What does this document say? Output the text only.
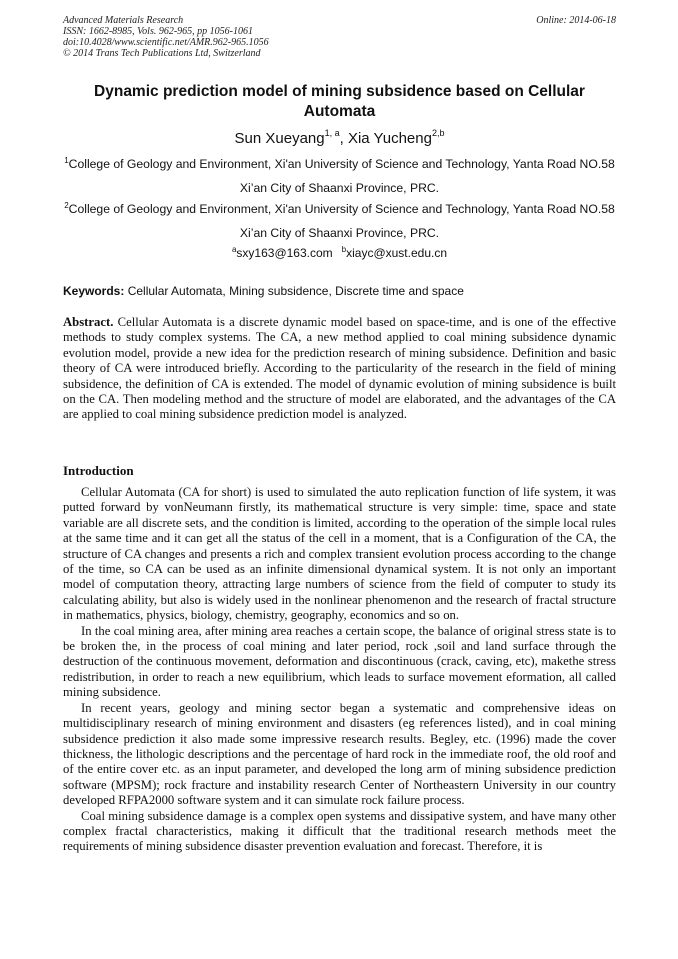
Advanced Materials Research
ISSN: 1662-8985, Vols. 962-965, pp 1056-1061
doi:10.4028/www.scientific.net/AMR.962-965.1056
© 2014 Trans Tech Publications Ltd, Switzerland
Online: 2014-06-18
Dynamic prediction model of mining subsidence based on Cellular Automata
Sun Xueyang$^{1, a}$, Xia Yucheng$^{2,b}$
$^1$College of Geology and Environment, Xi'an University of Science and Technology, Yanta Road NO.58 Xi’an City of Shaanxi Province, PRC.
$^2$College of Geology and Environment, Xi'an University of Science and Technology, Yanta Road NO.58 Xi’an City of Shaanxi Province, PRC.
$^a$sxy163@163.com $^b$xiayc@xust.edu.cn
Keywords: Cellular Automata, Mining subsidence, Discrete time and space
Abstract. Cellular Automata is a discrete dynamic model based on space-time, and is one of the effective methods to study complex systems. The CA, a new method applied to coal mining subsidence dynamic evolution model, provide a new idea for the prediction research of mining subsidence. Definition and basic theory of CA were introduced briefly. According to the particularity of the research in the field of mining subsidence, the definition of CA is extended. The model of dynamic evolution of mining subsidence is built on the CA. Then modeling method and the structure of model are elaborated, and the advantages of the CA are applied to coal mining subsidence prediction model is analyzed.
Introduction

Cellular Automata (CA for short) is used to simulated the auto replication function of life system, it was putted forward by vonNeumann firstly, its mathematical structure is very simple: time, space and state variable are all discrete sets, and the condition is limited, according to the operation of the simple local rules at the same time and it can get all the status of the cell in a moment, that is a Configuration of the CA, the structure of CA changes and presents a rich and complex transient evolution process according to the change of the time, so CA can be used as an infinite dimensional dynamical system. It is not only an important model of computation theory, attracting large numbers of science from the field of computer to study its calculating ability, but also is widely used in the nonlinear phenomenon and the research of fractal structure in mathematics, physics, biology, chemistry, geography, economics and so on.

In the coal mining area, after mining area reaches a certain scope, the balance of original stress state is to be broken the, in the process of coal mining and later period, rock ,soil and land surface through the destruction of the continuous movement, deformation and discontinuous (crack, caving, etc), makethe stress redistribution, in order to reach a new equilibrium, which leads to surface movement eformation, all called mining subsidence.

In recent years, geology and mining sector began a systematic and comprehensive ideas on multidisciplinary research of mining environment and disasters (eg references listed), and in coal mining subsidence prediction it also made some impressive research results. Begley, etc. (1996) made the cover thickness, the lithologic descriptions and the percentage of hard rock in the immediate roof, the old roof and of the entire cover etc. as an input parameter, and developed the long arm of mining subsidence prediction software (MPSM); rock fracture and instability research Center of Northeastern University in our country developed RFPA2000 software system and it can simulate rock failure process.

Coal mining subsidence damage is a complex open systems and dissipative system, and have many other complex fractal characteristics, making it difficult that the traditional research methods meet the requirements of mining subsidence disaster prevention evaluation and forecast. Therefore, it is
